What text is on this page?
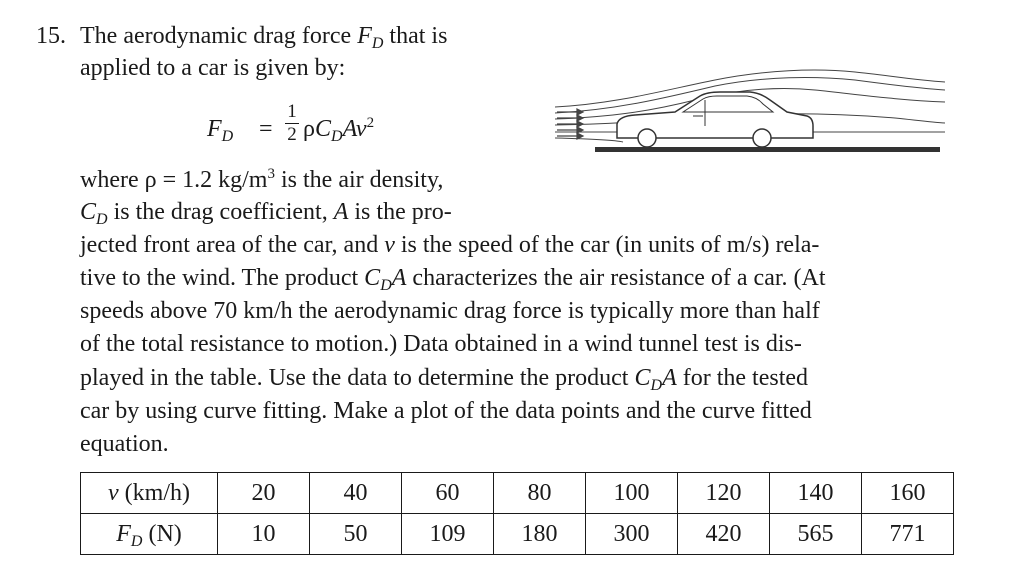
15. The aerodynamic drag force $F_D$ that is
applied to a car is given by:
$F_D$ =
1
2 $\rho C_DAv^2$
where ρ = 1.2 $kg/m^3$ is the air density,
$C_D$ is the drag coefficient, A is the pro-
jected front area of the car, and v is the speed of the car (in units of m/s) rela-
tive to the wind. The product $C_DA$ characterizes the air resistance of a car. (At
speeds above 70 km/h the aerodynamic drag force is typically more than half
of the total resistance to motion.) Data obtained in a wind tunnel test is dis-
played in the table. Use the data to determine the product $C_DA$ for the tested
car by using curve fitting. Make a plot of the data points and the curve fitted
equation.
v (km/h)	20	40	60	80	100	120	140	160
$F_D$ (N)	10	50	109	180	300	420	565	771
